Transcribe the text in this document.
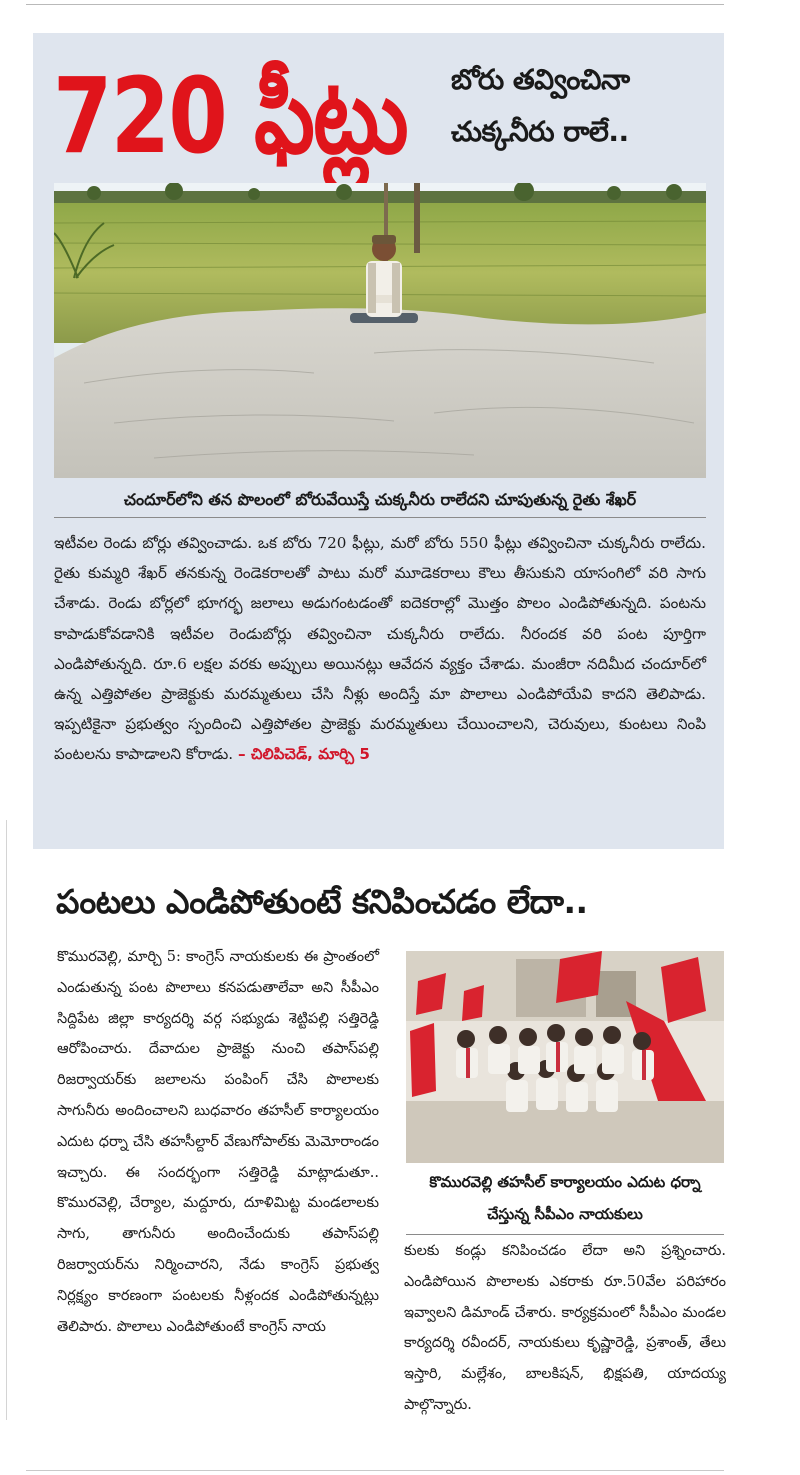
720 ఫీట్లు బోరు తవ్వించినా
చుక్కనీరు రాలే..
చందూర్‌లోని తన పొలంలో బోరువేయిస్తే చుక్కనీరు రాలేదని చూపుతున్న రైతు శేఖర్
ఇటీవల రెండు బోర్లు తవ్వించాడు. ఒక బోరు 720 ఫీట్లు, మరో బోరు 550 ఫీట్లు తవ్వించినా చుక్కనీరు రాలేదు. రైతు కుమ్మరి శేఖర్ తనకున్న రెండెకరాలతో పాటు మరో మూడెకరాలు కౌలు తీసుకుని యాసంగిలో వరి సాగు చేశాడు. రెండు బోర్లలో భూగర్భ జలాలు అడుగంటడంతో ఐదెకరాల్లో మొత్తం పొలం ఎండిపోతున్నది. పంటను కాపాడుకోవడానికి ఇటీవల రెండుబోర్లు తవ్వించినా చుక్కనీరు రాలేదు. నీరందక వరి పంట పూర్తిగా ఎండిపోతున్నది. రూ.6 లక్షల వరకు అప్పులు అయినట్లు ఆవేదన వ్యక్తం చేశాడు. మంజీరా నదిమీద చందూర్‌లో ఉన్న ఎత్తిపోతల ప్రాజెక్టుకు మరమ్మతులు చేసి నీళ్లు అందిస్తే మా పొలాలు ఎండిపోయేవి కాదని తెలిపాడు. ఇప్పటికైనా ప్రభుత్వం స్పందించి ఎత్తిపోతల ప్రాజెక్టు మరమ్మతులు చేయించాలని, చెరువులు, కుంటలు నింపి పంటలను కాపాడాలని కోరాడు. – చిలిపిచెడ్, మార్చి 5
పంటలు ఎండిపోతుంటే కనిపించడం లేదా..
కొమురవెల్లి, మార్చి 5: కాంగ్రెస్ నాయకులకు ఈ ప్రాంతంలో ఎండుతున్న పంట పొలాలు కనపడుతాలేవా అని సీపీఎం సిద్దిపేట జిల్లా కార్యదర్శి వర్గ సభ్యుడు శెట్టిపల్లి సత్తిరెడ్డి ఆరోపించారు. దేవాదుల ప్రాజెక్టు నుంచి తపాస్‌పల్లి రిజర్వాయర్‌కు జలాలను పంపింగ్ చేసి పొలాలకు సాగునీరు అందించాలని బుధవారం తహసీల్ కార్యాలయం ఎదుట ధర్నా చేసి తహసీల్దార్ వేణుగోపాల్‌కు మెమోరాండం ఇచ్చారు. ఈ సందర్భంగా సత్తిరెడ్డి మాట్లాడుతూ.. కొమురవెల్లి, చేర్యాల, మద్దూరు, దూళిమిట్ట మండలాలకు సాగు, తాగునీరు అందించేందుకు తపాస్‌పల్లి రిజర్వాయర్‌ను నిర్మించారని, నేడు కాంగ్రెస్ ప్రభుత్వ నిర్లక్ష్యం కారణంగా పంటలకు నీళ్లందక ఎండిపోతున్నట్లు తెలిపారు. పొలాలు ఎండిపోతుంటే కాంగ్రెస్ నాయ
కొమురవెల్లి తహసీల్ కార్యాలయం ఎదుట ధర్నా చేస్తున్న సీపీఎం నాయకులు
కులకు కండ్లు కనిపించడం లేదా అని ప్రశ్నించారు. ఎండిపోయిన పొలాలకు ఎకరాకు రూ.50వేల పరిహారం ఇవ్వాలని డిమాండ్ చేశారు. కార్యక్రమంలో సీపీఎం మండల కార్యదర్శి రవీందర్, నాయకులు కృష్ణారెడ్డి, ప్రశాంత్, తేలు ఇస్తారి, మల్లేశం, బాలకిషన్, భిక్షపతి, యాదయ్య పాల్గొన్నారు.
